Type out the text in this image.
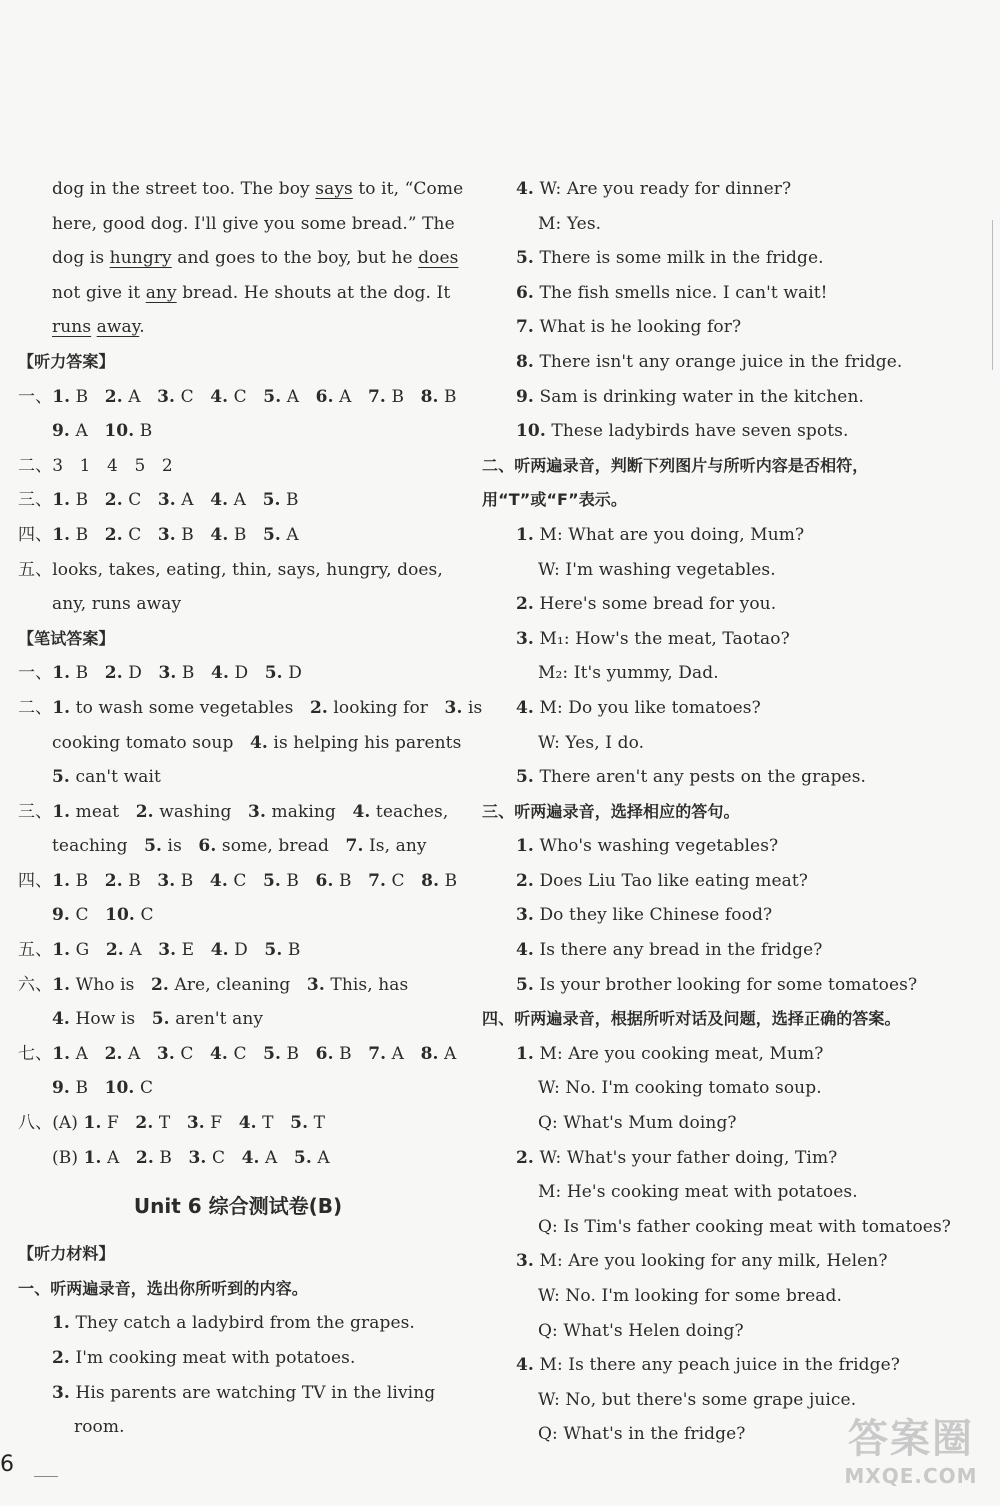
dog in the street too. The boy says to it, “Come
here, good dog. I'll give you some bread.” The
dog is hungry and goes to the boy, but he does
not give it any bread. He shouts at the dog. It
runs away.
【听力答案】
一、1. B   2. A   3. C   4. C   5. A   6. A   7. B   8. B
9. A   10. B
二、3   1   4   5   2
三、1. B   2. C   3. A   4. A   5. B
四、1. B   2. C   3. B   4. B   5. A
五、looks, takes, eating, thin, says, hungry, does,
any, runs away
【笔试答案】
一、1. B   2. D   3. B   4. D   5. D
二、1. to wash some vegetables   2. looking for   3. is
cooking tomato soup   4. is helping his parents
5. can't wait
三、1. meat   2. washing   3. making   4. teaches,
teaching   5. is   6. some, bread   7. Is, any
四、1. B   2. B   3. B   4. C   5. B   6. B   7. C   8. B
9. C   10. C
五、1. G   2. A   3. E   4. D   5. B
六、1. Who is   2. Are, cleaning   3. This, has
4. How is   5. aren't any
七、1. A   2. A   3. C   4. C   5. B   6. B   7. A   8. A
9. B   10. C
八、(A) 1. F   2. T   3. F   4. T   5. T
(B) 1. A   2. B   3. C   4. A   5. A
Unit 6 综合测试卷(B)
【听力材料】
一、听两遍录音，选出你所听到的内容。
1. They catch a ladybird from the grapes.
2. I'm cooking meat with potatoes.
3. His parents are watching TV in the living
room.
4. W: Are you ready for dinner?
M: Yes.
5. There is some milk in the fridge.
6. The fish smells nice. I can't wait!
7. What is he looking for?
8. There isn't any orange juice in the fridge.
9. Sam is drinking water in the kitchen.
10. These ladybirds have seven spots.
二、听两遍录音，判断下列图片与所听内容是否相符，
用“T”或“F”表示。
1. M: What are you doing, Mum?
W: I'm washing vegetables.
2. Here's some bread for you.
3. M₁: How's the meat, Taotao?
M₂: It's yummy, Dad.
4. M: Do you like tomatoes?
W: Yes, I do.
5. There aren't any pests on the grapes.
三、听两遍录音，选择相应的答句。
1. Who's washing vegetables?
2. Does Liu Tao like eating meat?
3. Do they like Chinese food?
4. Is there any bread in the fridge?
5. Is your brother looking for some tomatoes?
四、听两遍录音，根据所听对话及问题，选择正确的答案。
1. M: Are you cooking meat, Mum?
W: No. I'm cooking tomato soup.
Q: What's Mum doing?
2. W: What's your father doing, Tim?
M: He's cooking meat with potatoes.
Q: Is Tim's father cooking meat with tomatoes?
3. M: Are you looking for any milk, Helen?
W: No. I'm looking for some bread.
Q: What's Helen doing?
4. M: Is there any peach juice in the fridge?
W: No, but there's some grape juice.
Q: What's in the fridge?
6
答案圈
MXQE.COM
